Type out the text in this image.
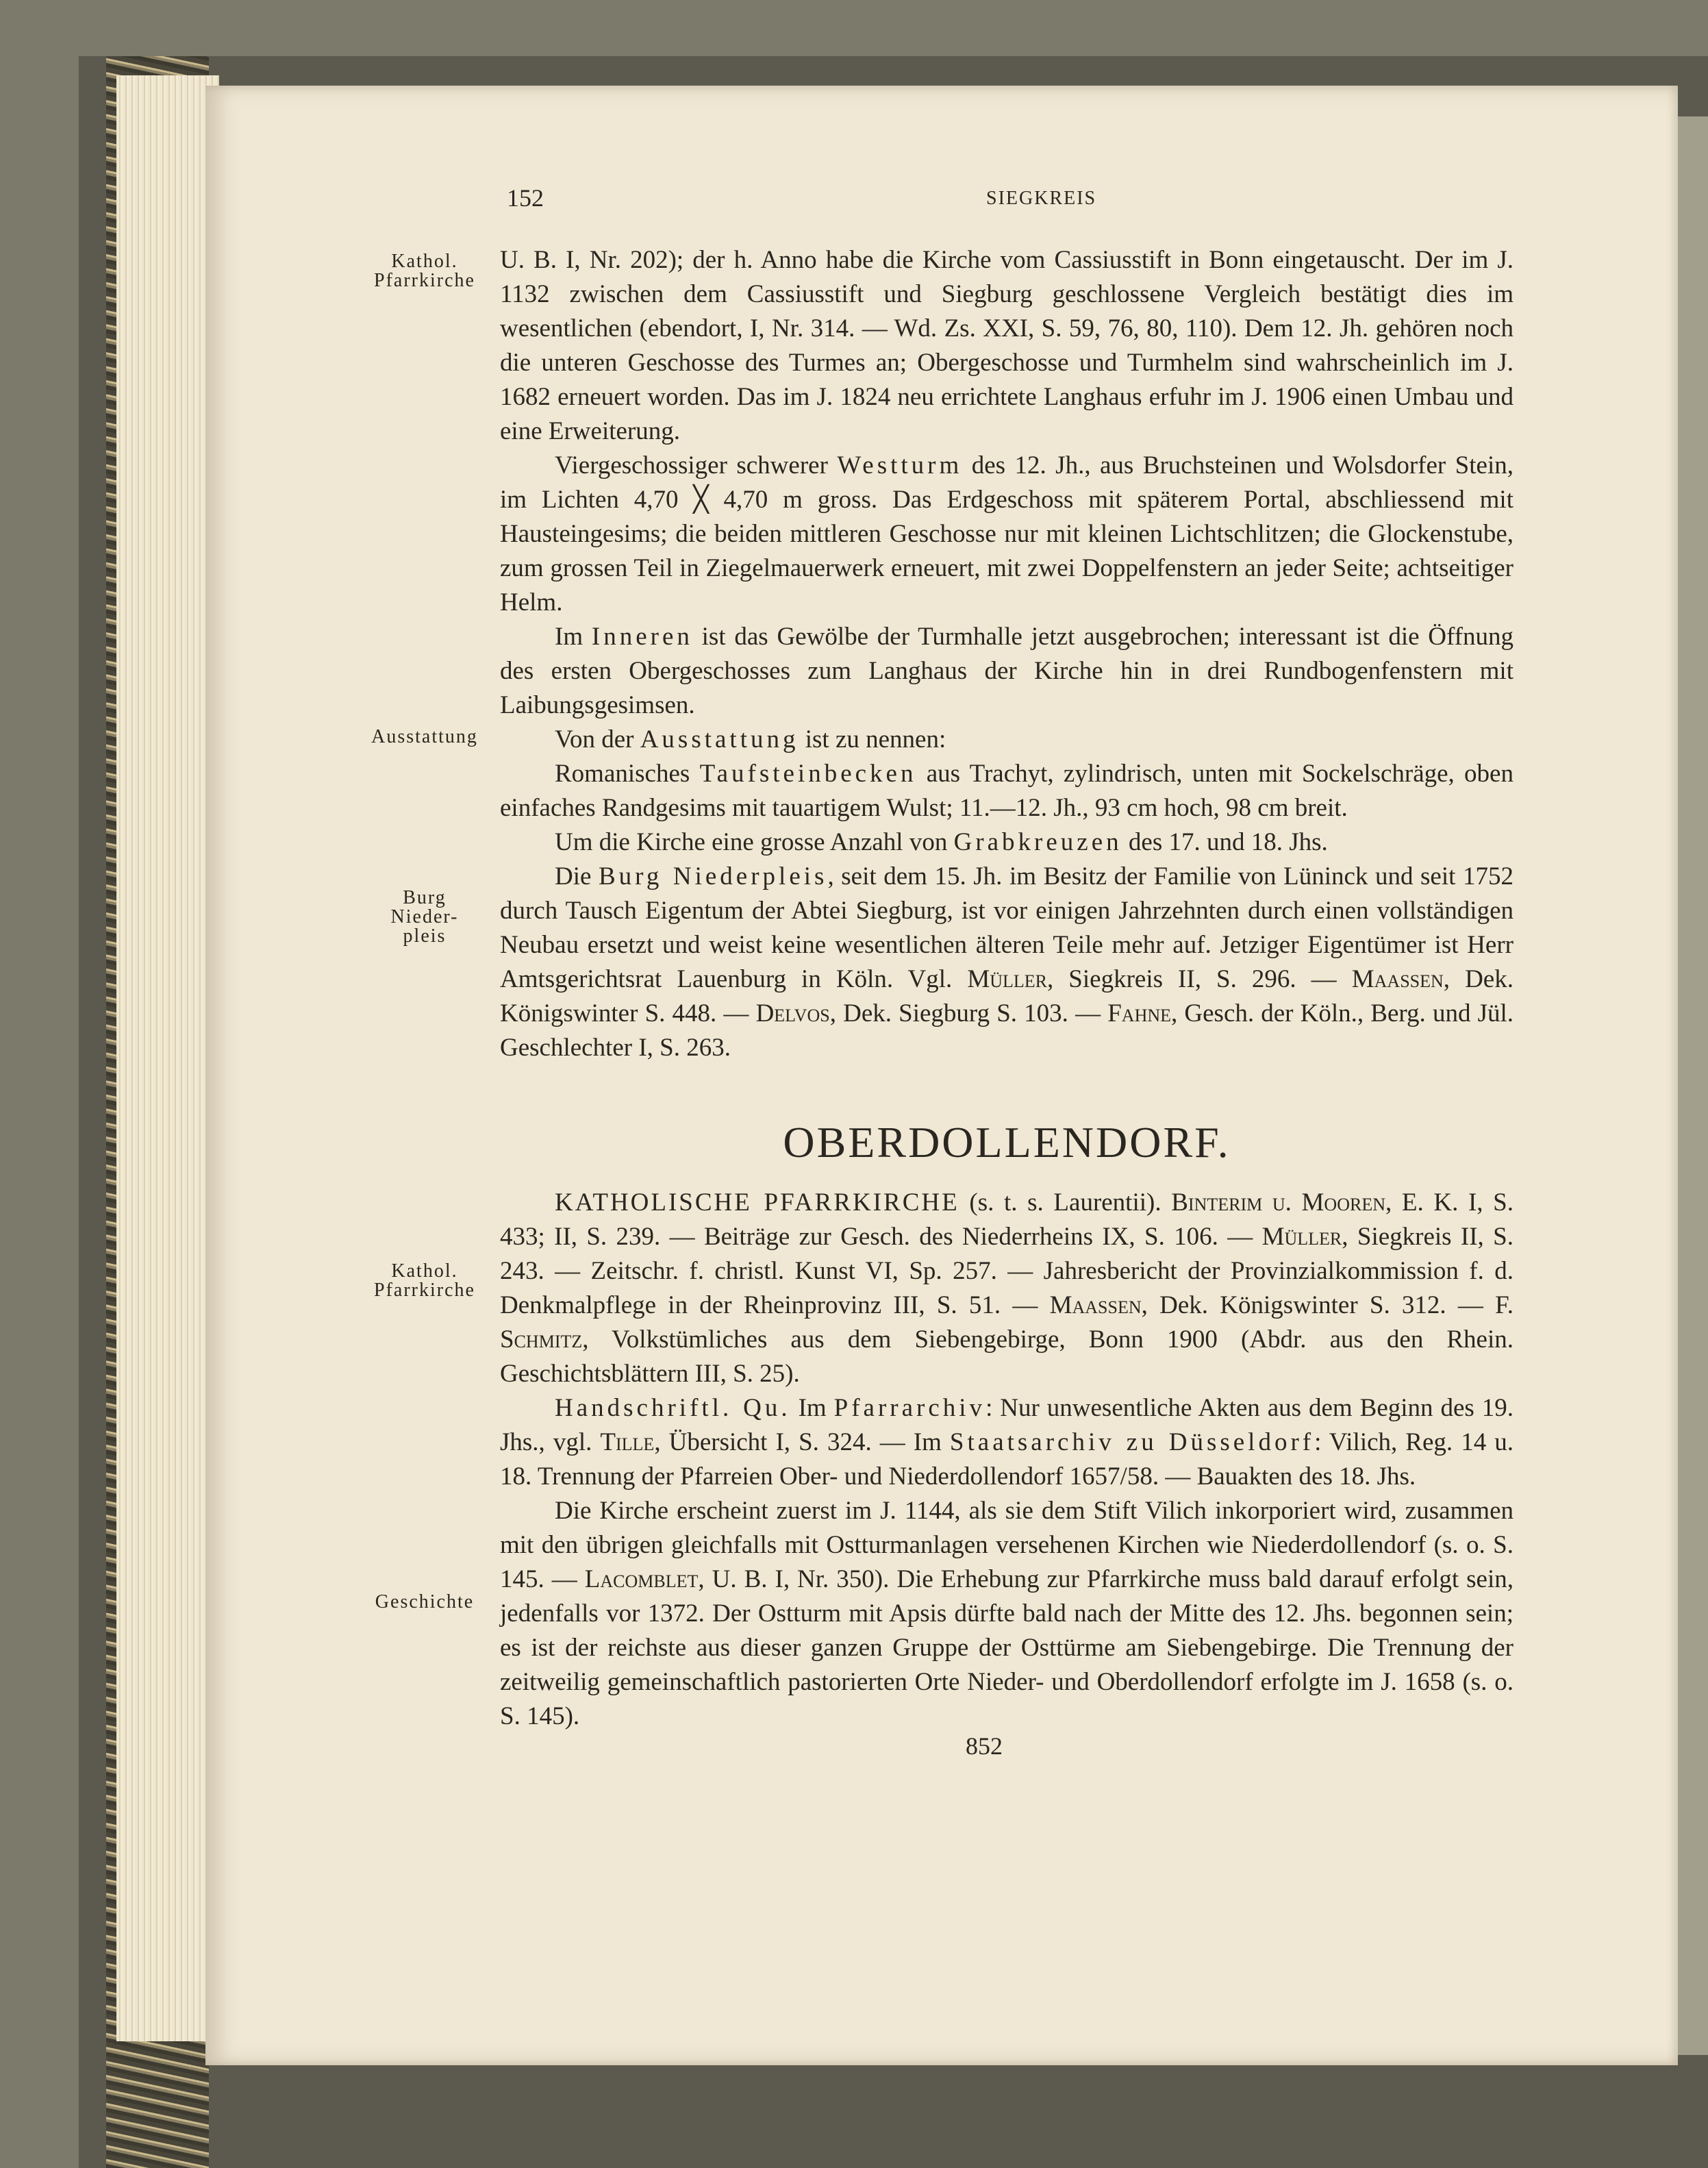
152	SIEGKREIS
Kathol. Pfarrkirche
Ausstattung
Burg Nieder-pleis
Kathol. Pfarrkirche
Geschichte

U. B. I, Nr. 202); der h. Anno habe die Kirche vom Cassiusstift in Bonn eingetauscht. Der im J. 1132 zwischen dem Cassiusstift und Siegburg geschlossene Vergleich bestätigt dies im wesentlichen (ebendort, I, Nr. 314. — Wd. Zs. XXI, S. 59, 76, 80, 110). Dem 12. Jh. gehören noch die unteren Geschosse des Turmes an; Obergeschosse und Turmhelm sind wahrscheinlich im J. 1682 erneuert worden. Das im J. 1824 neu errichtete Langhaus erfuhr im J. 1906 einen Umbau und eine Erweiterung.

Viergeschossiger schwerer Westturm des 12. Jh., aus Bruchsteinen und Wolsdorfer Stein, im Lichten 4,70 ╳ 4,70 m gross. Das Erdgeschoss mit späterem Portal, abschliessend mit Hausteingesims; die beiden mittleren Geschosse nur mit kleinen Lichtschlitzen; die Glockenstube, zum grossen Teil in Ziegelmauerwerk erneuert, mit zwei Doppelfenstern an jeder Seite; achtseitiger Helm.

Im Inneren ist das Gewölbe der Turmhalle jetzt ausgebrochen; interessant ist die Öffnung des ersten Obergeschosses zum Langhaus der Kirche hin in drei Rundbogenfenstern mit Laibungsgesimsen.

Von der Ausstattung ist zu nennen:

Romanisches Taufsteinbecken aus Trachyt, zylindrisch, unten mit Sockelschräge, oben einfaches Randgesims mit tauartigem Wulst; 11.—12. Jh., 93 cm hoch, 98 cm breit.

Um die Kirche eine grosse Anzahl von Grabkreuzen des 17. und 18. Jhs.

Die Burg Niederpleis, seit dem 15. Jh. im Besitz der Familie von Lüninck und seit 1752 durch Tausch Eigentum der Abtei Siegburg, ist vor einigen Jahrzehnten durch einen vollständigen Neubau ersetzt und weist keine wesentlichen älteren Teile mehr auf. Jetziger Eigentümer ist Herr Amtsgerichtsrat Lauenburg in Köln. Vgl. Müller, Siegkreis II, S. 296. — Maassen, Dek. Königswinter S. 448. — Delvos, Dek. Siegburg S. 103. — Fahne, Gesch. der Köln., Berg. und Jül. Geschlechter I, S. 263.

OBERDOLLENDORF.

KATHOLISCHE PFARRKIRCHE (s. t. s. Laurentii). Binterim u. Mooren, E. K. I, S. 433; II, S. 239. — Beiträge zur Gesch. des Niederrheins IX, S. 106. — Müller, Siegkreis II, S. 243. — Zeitschr. f. christl. Kunst VI, Sp. 257. — Jahresbericht der Provinzialkommission f. d. Denkmalpflege in der Rheinprovinz III, S. 51. — Maassen, Dek. Königswinter S. 312. — F. Schmitz, Volkstümliches aus dem Siebengebirge, Bonn 1900 (Abdr. aus den Rhein. Geschichtsblättern III, S. 25).

Handschriftl. Qu. Im Pfarrarchiv: Nur unwesentliche Akten aus dem Beginn des 19. Jhs., vgl. Tille, Übersicht I, S. 324. — Im Staatsarchiv zu Düsseldorf: Vilich, Reg. 14 u. 18. Trennung der Pfarreien Ober- und Niederdollendorf 1657/58. — Bauakten des 18. Jhs.

Die Kirche erscheint zuerst im J. 1144, als sie dem Stift Vilich inkorporiert wird, zusammen mit den übrigen gleichfalls mit Ostturmanlagen versehenen Kirchen wie Niederdollendorf (s. o. S. 145. — Lacomblet, U. B. I, Nr. 350). Die Erhebung zur Pfarrkirche muss bald darauf erfolgt sein, jedenfalls vor 1372. Der Ostturm mit Apsis dürfte bald nach der Mitte des 12. Jhs. begonnen sein; es ist der reichste aus dieser ganzen Gruppe der Osttürme am Siebengebirge. Die Trennung der zeitweilig gemeinschaftlich pastorierten Orte Nieder- und Oberdollendorf erfolgte im J. 1658 (s. o. S. 145).

852
